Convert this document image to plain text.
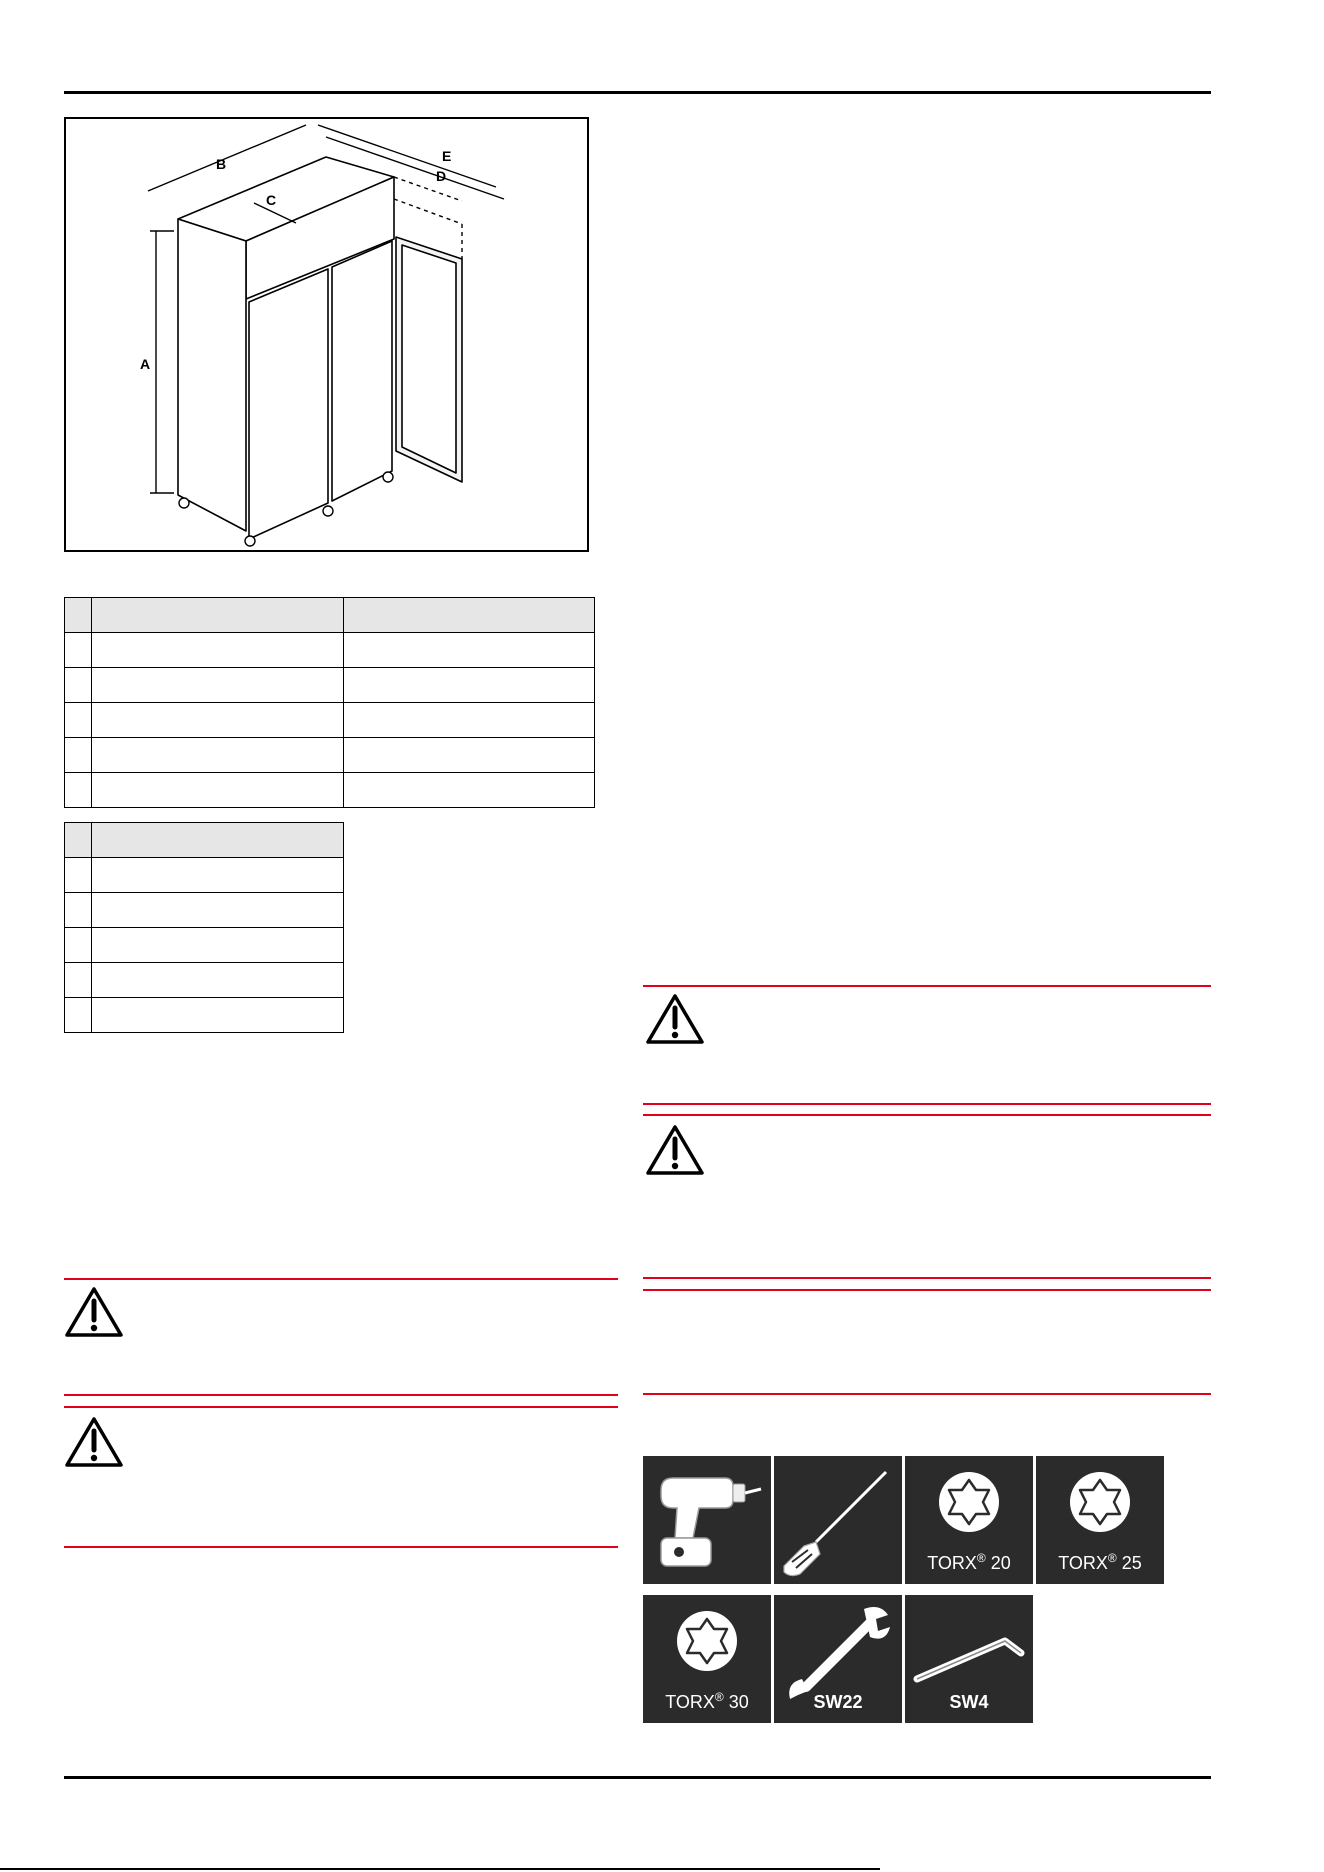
A
B
C
D
E

TORX® 20	TORX® 25
TORX® 30	SW22	SW4
